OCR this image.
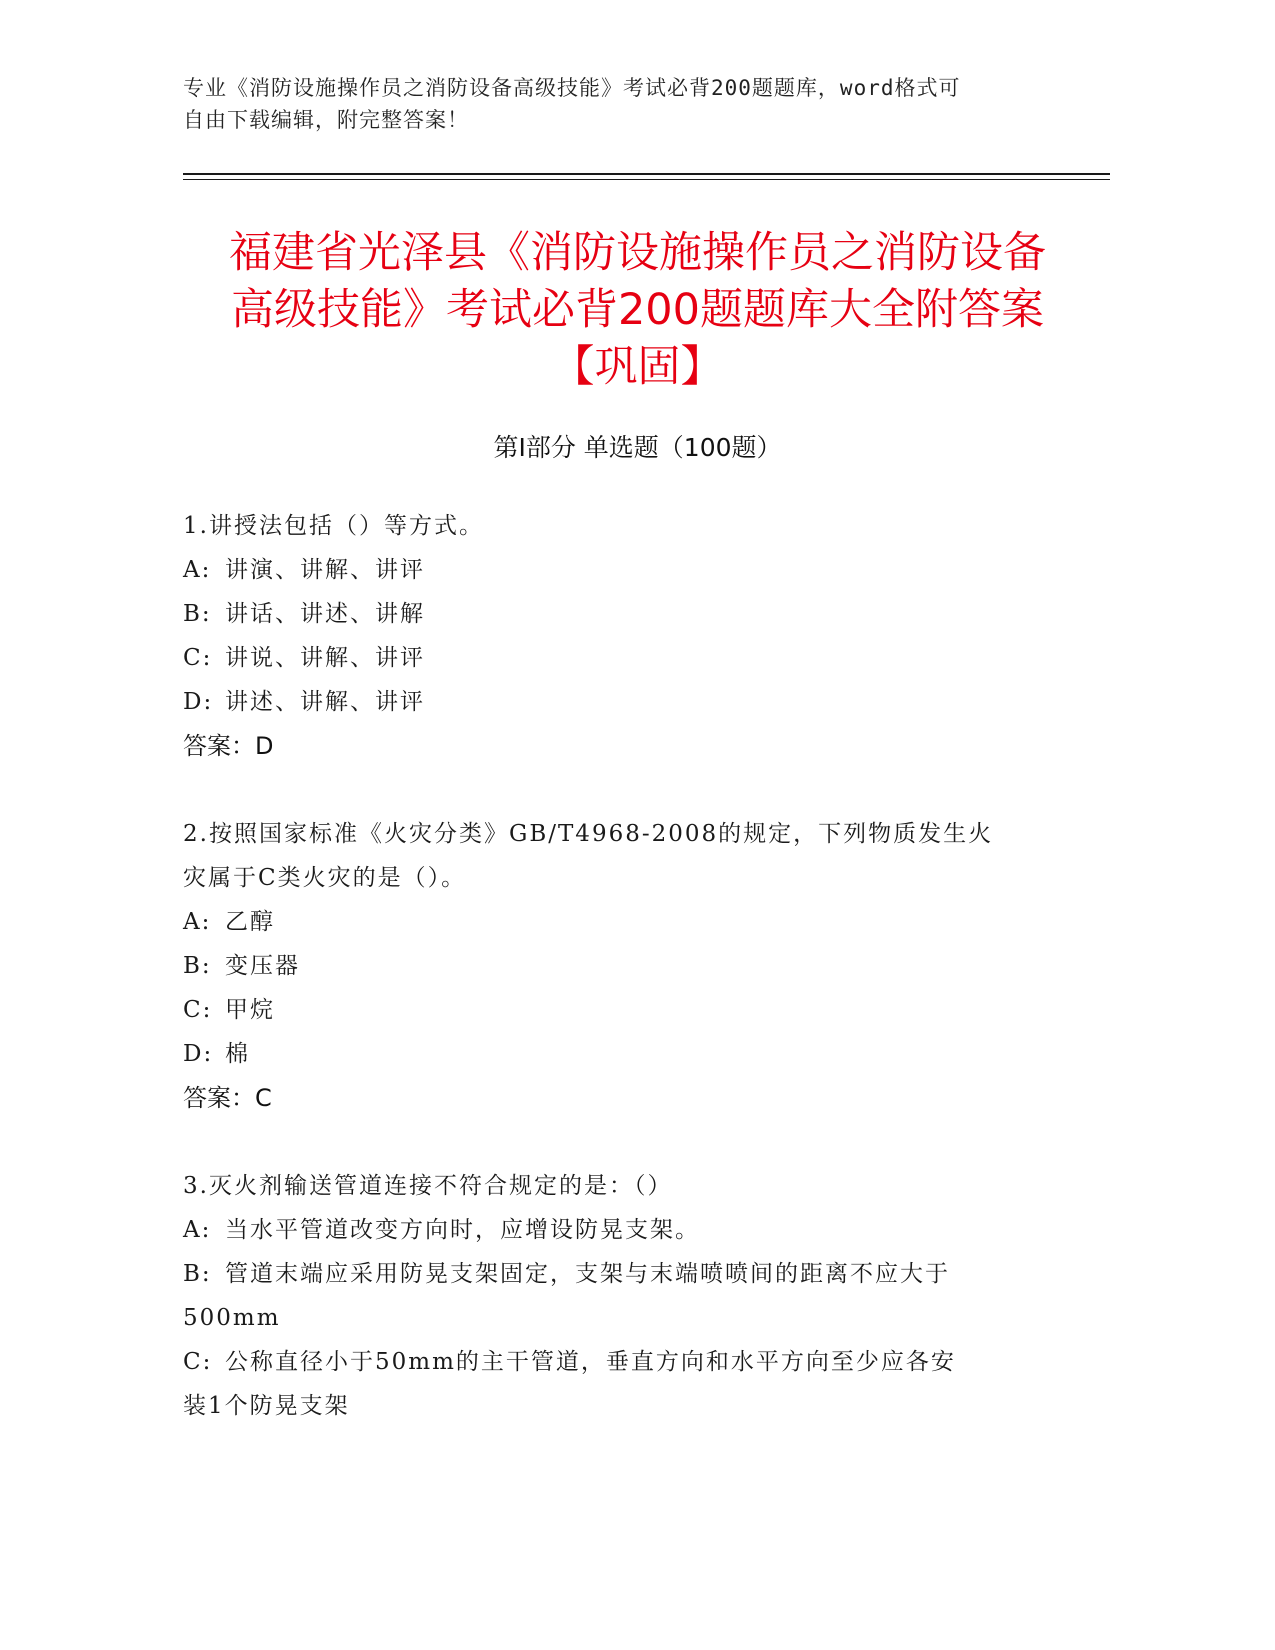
专业《消防设施操作员之消防设备高级技能》考试必背200题题库，word格式可
自由下载编辑，附完整答案！
福建省光泽县《消防设施操作员之消防设备
高级技能》考试必背200题题库大全附答案
【巩固】
第Ⅰ部分 单选题（100题）
1.讲授法包括（）等方式。
A: 讲演、讲解、讲评
B: 讲话、讲述、讲解
C: 讲说、讲解、讲评
D: 讲述、讲解、讲评
答案：D
2.按照国家标准《火灾分类》GB/T4968-2008的规定，下列物质发生火
灾属于C类火灾的是（）。
A: 乙醇
B: 变压器
C: 甲烷
D: 棉
答案：C
3.灭火剂输送管道连接不符合规定的是：（）
A: 当水平管道改变方向时，应增设防晃支架。
B: 管道末端应采用防晃支架固定，支架与末端喷喷间的距离不应大于
500mm
C: 公称直径小于50mm的主干管道，垂直方向和水平方向至少应各安
装1个防晃支架
